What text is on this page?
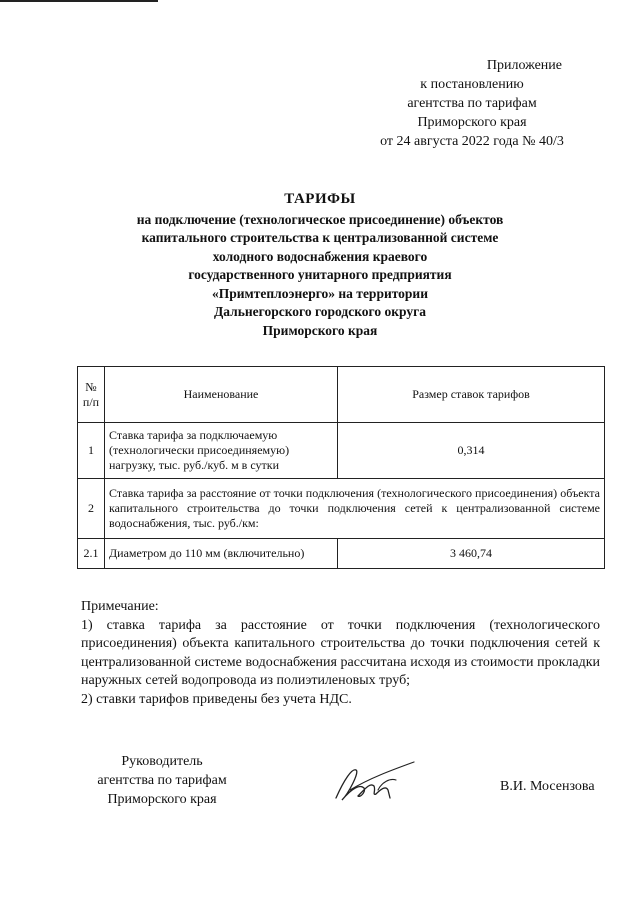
Приложение
к постановлению
агентства по тарифам
Приморского края
от 24 августа 2022 года № 40/3
ТАРИФЫ
на подключение (технологическое присоединение) объектов
капитального строительства к централизованной системе
холодного водоснабжения краевого
государственного унитарного предприятия
«Примтеплоэнерго» на территории
Дальнегорского городского округа
Приморского края
№ п/п	Наименование	Размер ставок тарифов
1	Ставка тарифа за подключаемую (технологически присоединяемую) нагрузку, тыс. руб./куб. м в сутки	0,314
2	Ставка тарифа за расстояние от точки подключения (технологического присоединения) объекта капитального строительства до точки подключения сетей к централизованной системе водоснабжения, тыс. руб./км:	
2.1	Диаметром до 110 мм (включительно)	3 460,74
Примечание:
1) ставка тарифа за расстояние от точки подключения (технологического присоединения) объекта капитального строительства до точки подключения сетей к централизованной системе водоснабжения рассчитана исходя из стоимости прокладки наружных сетей водопровода из полиэтиленовых труб;
2) ставки тарифов приведены без учета НДС.
Руководитель
агентства по тарифам
Приморского края
В.И. Мосензова
